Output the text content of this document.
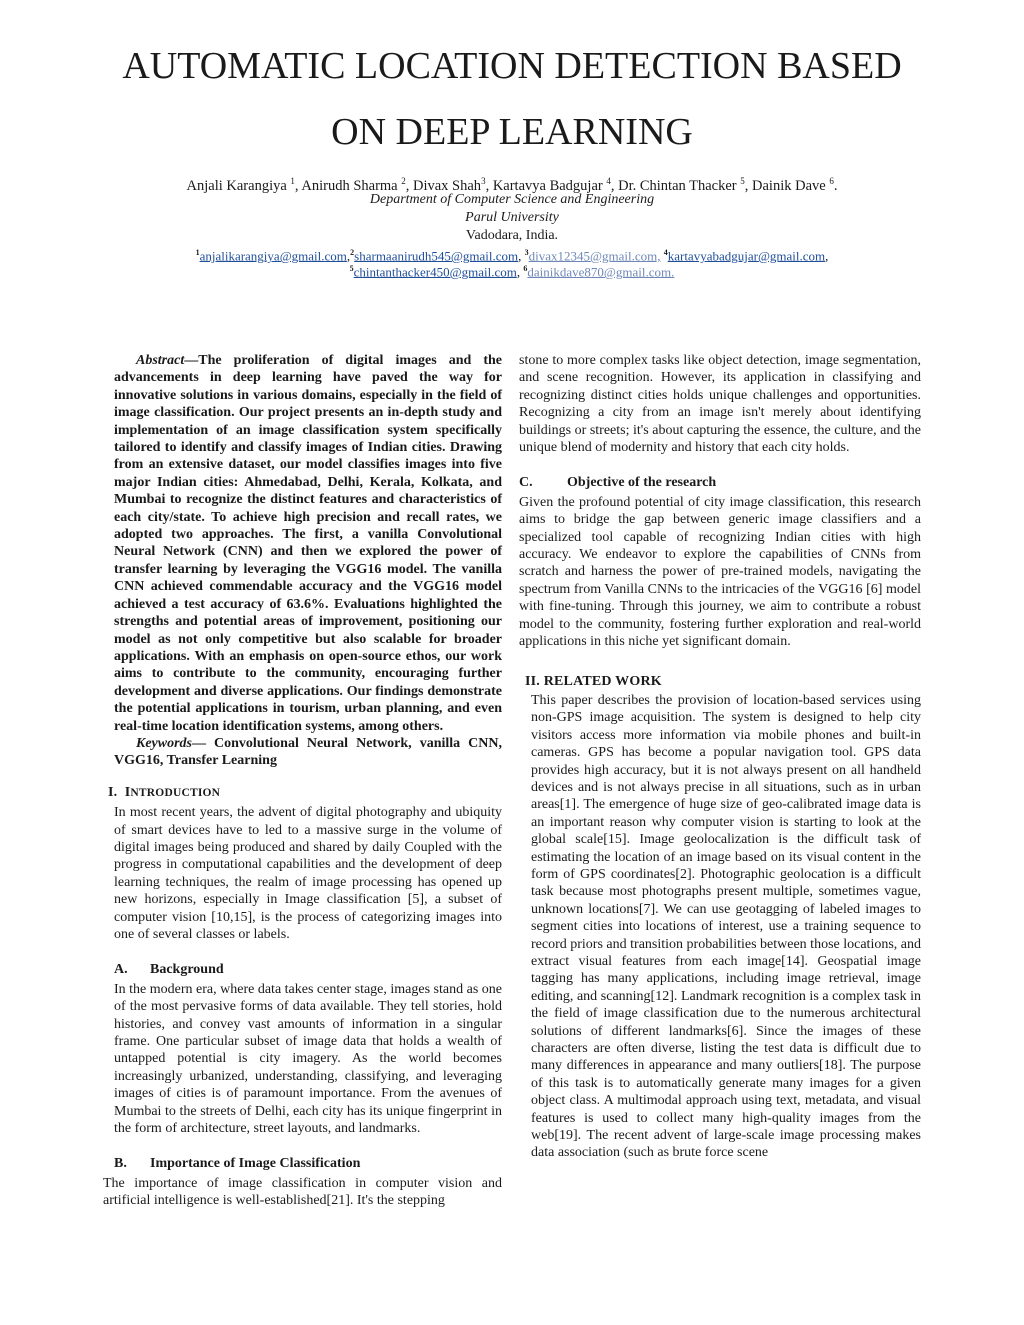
AUTOMATIC LOCATION DETECTION BASED
ON DEEP LEARNING
Anjali Karangiya $^1$, Anirudh Sharma $^2$, Divax Shah$^3$, Kartavya Badgujar $^4$, Dr. Chintan Thacker $^5$, Dainik Dave $^6$.
Department of Computer Science and Engineering
Parul University
Vadodara, India.
$^1$anjalikarangiya@gmail.com,$^2$sharmaanirudh545@gmail.com, $^3$divax12345@gmail.com, $^4$kartavyabadgujar@gmail.com,
$^5$chintanthacker450@gmail.com, $^6$dainikdave870@gmail.com.

Abstract—The proliferation of digital images and the advancements in deep learning have paved the way for innovative solutions in various domains, especially in the field of image classification. Our project presents an in-depth study and implementation of an image classification system specifically tailored to identify and classify images of Indian cities. Drawing from an extensive dataset, our model classifies images into five major Indian cities: Ahmedabad, Delhi, Kerala, Kolkata, and Mumbai to recognize the distinct features and characteristics of each city/state. To achieve high precision and recall rates, we adopted two approaches. The first, a vanilla Convolutional Neural Network (CNN) and then we explored the power of transfer learning by leveraging the VGG16 model. The vanilla CNN achieved commendable accuracy and the VGG16 model achieved a test accuracy of 63.6%. Evaluations highlighted the strengths and potential areas of improvement, positioning our model as not only competitive but also scalable for broader applications. With an emphasis on open-source ethos, our work aims to contribute to the community, encouraging further development and diverse applications. Our findings demonstrate the potential applications in tourism, urban planning, and even real-time location identification systems, among others.

Keywords— Convolutional Neural Network, vanilla CNN, VGG16, Transfer Learning

I. INTRODUCTION

In most recent years, the advent of digital photography and ubiquity of smart devices have to led to a massive surge in the volume of digital images being produced and shared by daily Coupled with the progress in computational capabilities and the development of deep learning techniques, the realm of image processing has opened up new horizons, especially in Image classification [5], a subset of computer vision [10,15], is the process of categorizing images into one of several classes or labels.

A. Background

In the modern era, where data takes center stage, images stand as one of the most pervasive forms of data available. They tell stories, hold histories, and convey vast amounts of information in a singular frame. One particular subset of image data that holds a wealth of untapped potential is city imagery. As the world becomes increasingly urbanized, understanding, classifying, and leveraging images of cities is of paramount importance. From the avenues of Mumbai to the streets of Delhi, each city has its unique fingerprint in the form of architecture, street layouts, and landmarks.

B. Importance of Image Classification

The importance of image classification in computer vision and artificial intelligence is well-established[21]. It's the stepping

stone to more complex tasks like object detection, image segmentation, and scene recognition. However, its application in classifying and recognizing distinct cities holds unique challenges and opportunities. Recognizing a city from an image isn't merely about identifying buildings or streets; it's about capturing the essence, the culture, and the unique blend of modernity and history that each city holds.

C. Objective of the research

Given the profound potential of city image classification, this research aims to bridge the gap between generic image classifiers and a specialized tool capable of recognizing Indian cities with high accuracy. We endeavor to explore the capabilities of CNNs from scratch and harness the power of pre-trained models, navigating the spectrum from Vanilla CNNs to the intricacies of the VGG16 [6] model with fine-tuning. Through this journey, we aim to contribute a robust model to the community, fostering further exploration and real-world applications in this niche yet significant domain.

II. RELATED WORK

This paper describes the provision of location-based services using non-GPS image acquisition. The system is designed to help city visitors access more information via mobile phones and built-in cameras. GPS has become a popular navigation tool. GPS data provides high accuracy, but it is not always present on all handheld devices and is not always precise in all situations, such as in urban areas[1]. The emergence of huge size of geo-calibrated image data is an important reason why computer vision is starting to look at the global scale[15]. Image geolocalization is the difficult task of estimating the location of an image based on its visual content in the form of GPS coordinates[2]. Photographic geolocation is a difficult task because most photographs present multiple, sometimes vague, unknown locations[7]. We can use geotagging of labeled images to segment cities into locations of interest, use a training sequence to record priors and transition probabilities between those locations, and extract visual features from each image[14]. Geospatial image tagging has many applications, including image retrieval, image editing, and scanning[12]. Landmark recognition is a complex task in the field of image classification due to the numerous architectural solutions of different landmarks[6]. Since the images of these characters are often diverse, listing the test data is difficult due to many differences in appearance and many outliers[18]. The purpose of this task is to automatically generate many images for a given object class. A multimodal approach using text, metadata, and visual features is used to collect many high-quality images from the web[19]. The recent advent of large-scale image processing makes data association (such as brute force scene
